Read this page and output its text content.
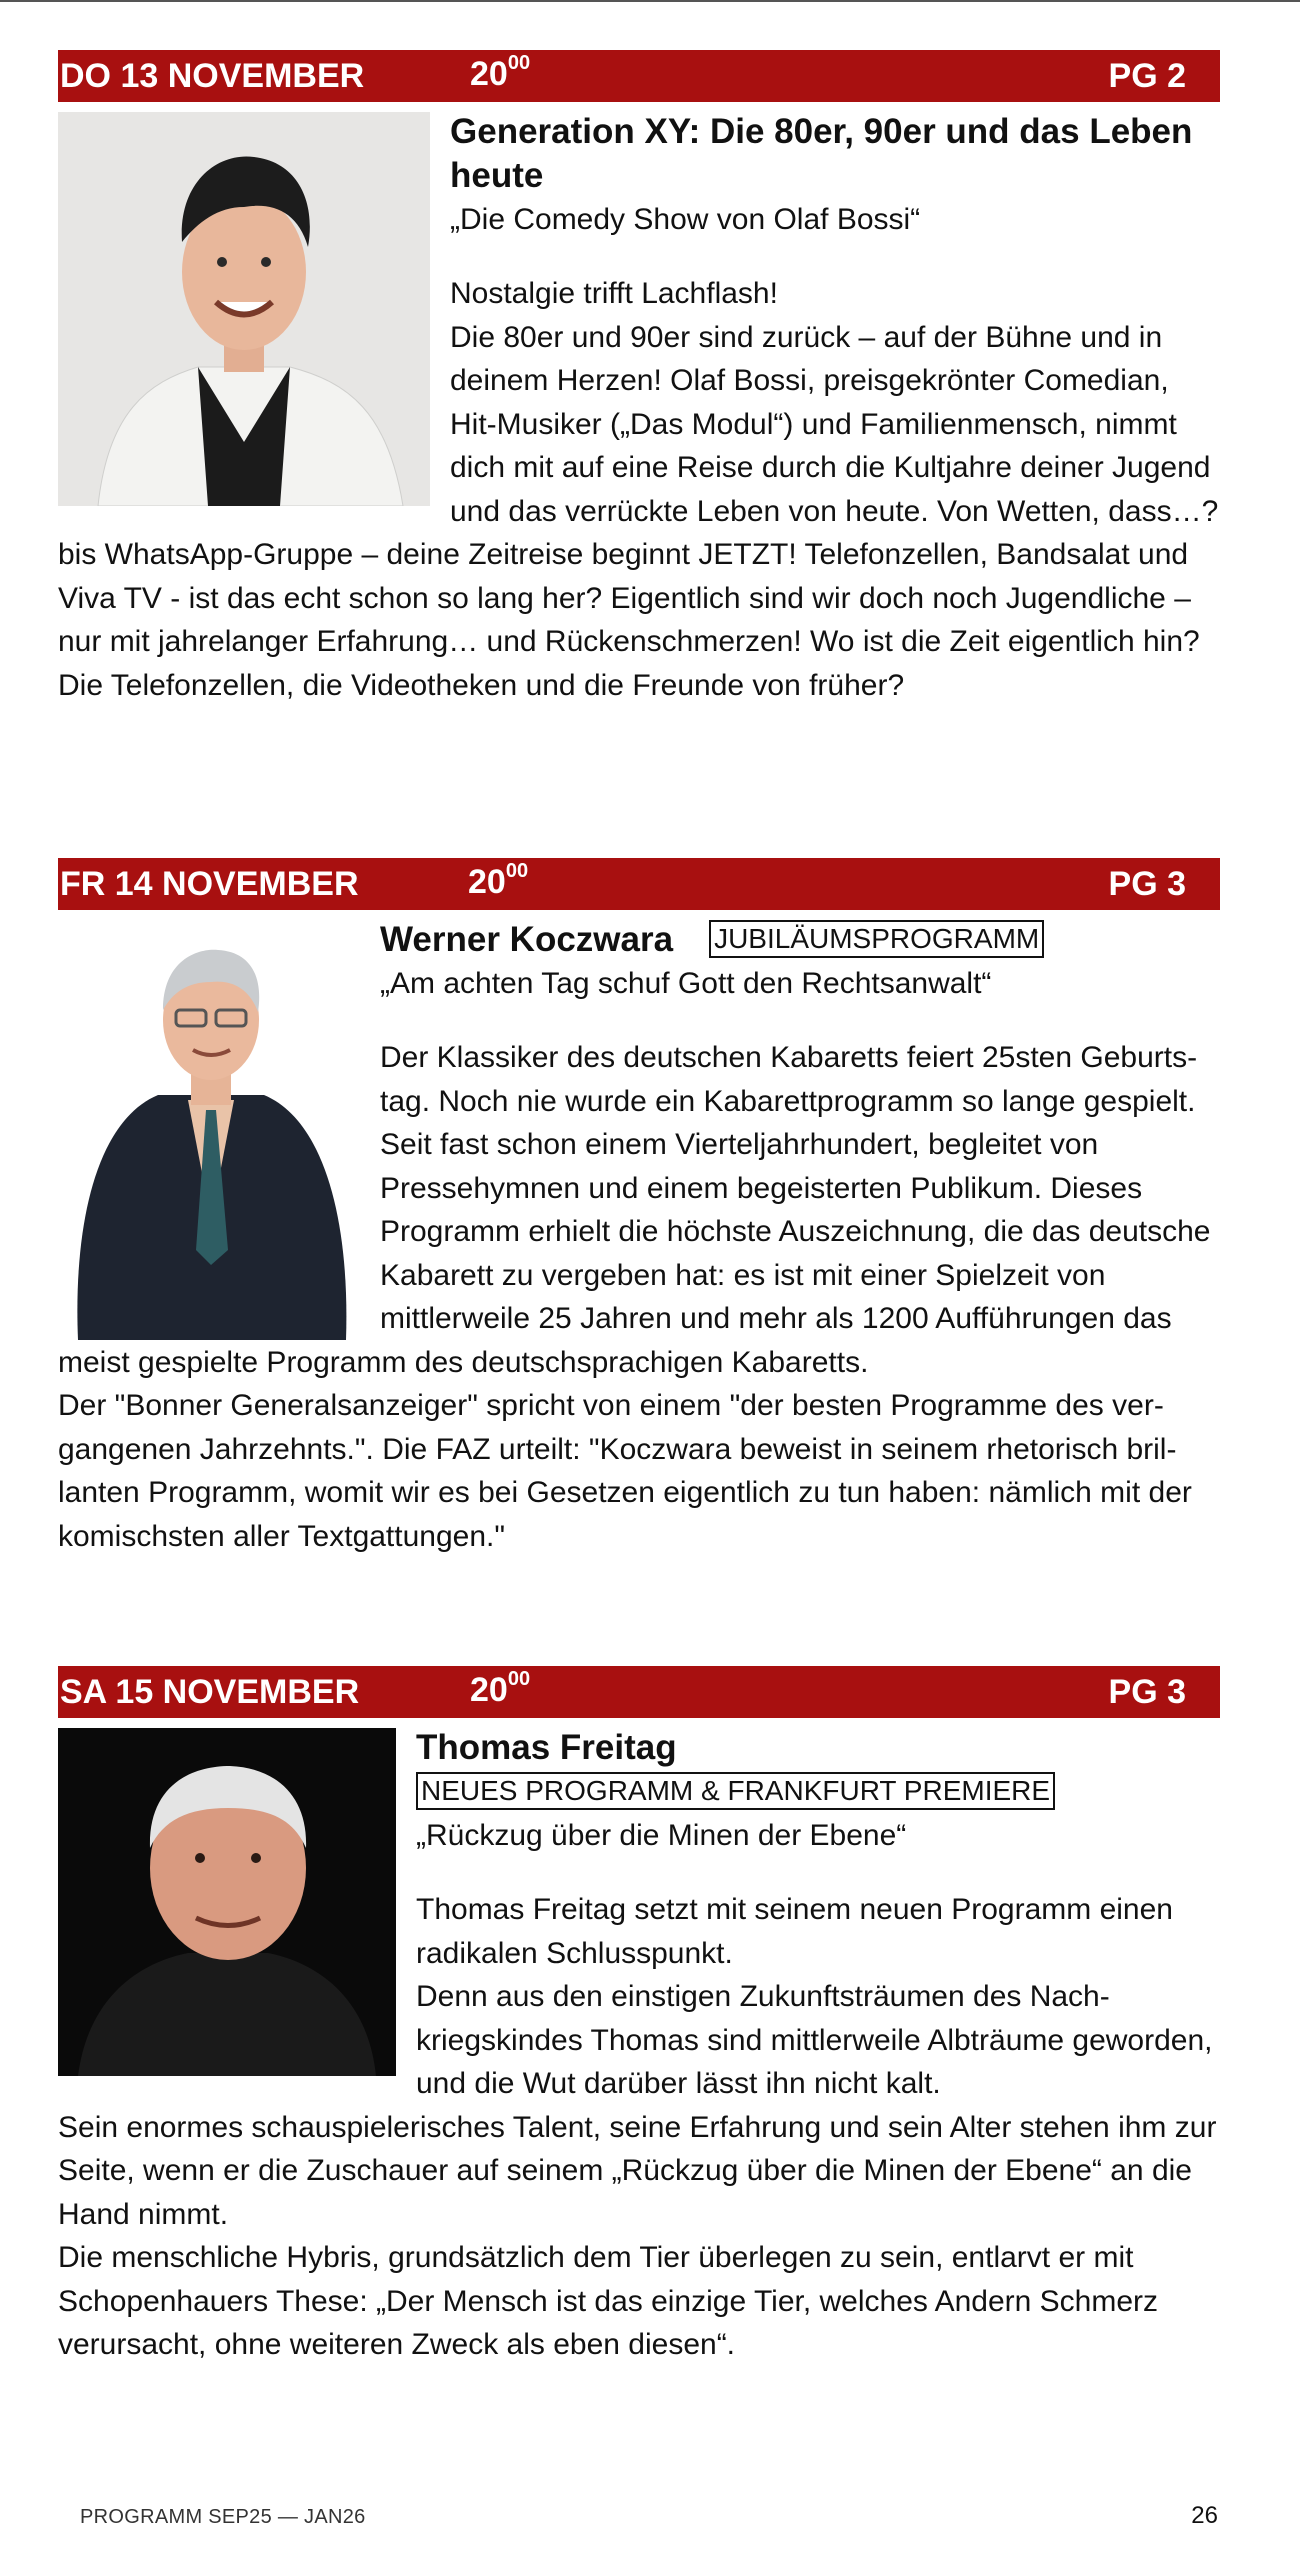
DO 13 NOVEMBER	$20^{00}$	PG 2
Generation XY: Die 80er, 90er und das Leben heute
„Die Comedy Show von Olaf Bossi“

Nostalgie trifft Lachflash!

Die 80er und 90er sind zurück – auf der Bühne und in deinem Herzen! Olaf Bossi, preisgekrönter Comedian, Hit-Musiker („Das Modul“) und Familienmensch, nimmt dich mit auf eine Reise durch die Kultjahre deiner Jugend und das verrückte Leben von heute. Von Wetten, dass…? bis WhatsApp-Gruppe – deine Zeitreise beginnt JETZT! Telefonzellen, Bandsalat und Viva TV - ist das echt schon so lang her? Eigentlich sind wir doch noch Jugendliche – nur mit jahrelanger Erfahrung… und Rückenschmerzen! Wo ist die Zeit eigentlich hin? Die Telefonzellen, die Videotheken und die Freunde von früher?

FR 14 NOVEMBER	$20^{00}$	PG 3
Werner Koczwara JUBILÄUMSPROGRAMM
„Am achten Tag schuf Gott den Rechtsanwalt“

Der Klassiker des deutschen Kabaretts feiert 25sten Geburtstag. Noch nie wurde ein Kabarettprogramm so lange gespielt. Seit fast schon einem Vierteljahrhundert, begleitet von Pressehymnen und einem begeisterten Publikum. Dieses Programm erhielt die höchste Auszeichnung, die das deutsche Kabarett zu vergeben hat: es ist mit einer Spielzeit von mittlerweile 25 Jahren und mehr als 1200 Aufführungen das meist gespielte Programm des deutschsprachigen Kabaretts.

Der "Bonner Generalsanzeiger" spricht von einem "der besten Programme des vergangenen Jahrzehnts.". Die FAZ urteilt: "Koczwara beweist in seinem rhetorisch brillanten Programm, womit wir es bei Gesetzen eigentlich zu tun haben: nämlich mit der komischsten aller Textgattungen."

SA 15 NOVEMBER	$20^{00}$	PG 3
Thomas Freitag
NEUES PROGRAMM & FRANKFURT PREMIERE
„Rückzug über die Minen der Ebene“

Thomas Freitag setzt mit seinem neuen Programm einen radikalen Schlusspunkt.

Denn aus den einstigen Zukunftsträumen des Nachkriegskindes Thomas sind mittlerweile Albträume geworden, und die Wut darüber lässt ihn nicht kalt.

Sein enormes schauspielerisches Talent, seine Erfahrung und sein Alter stehen ihm zur Seite, wenn er die Zuschauer auf seinem „Rückzug über die Minen der Ebene“ an die Hand nimmt.

Die menschliche Hybris, grundsätzlich dem Tier überlegen zu sein, entlarvt er mit Schopenhauers These: „Der Mensch ist das einzige Tier, welches Andern Schmerz verursacht, ohne weiteren Zweck als eben diesen“.

PROGRAMM SEP25 — JAN26	26
